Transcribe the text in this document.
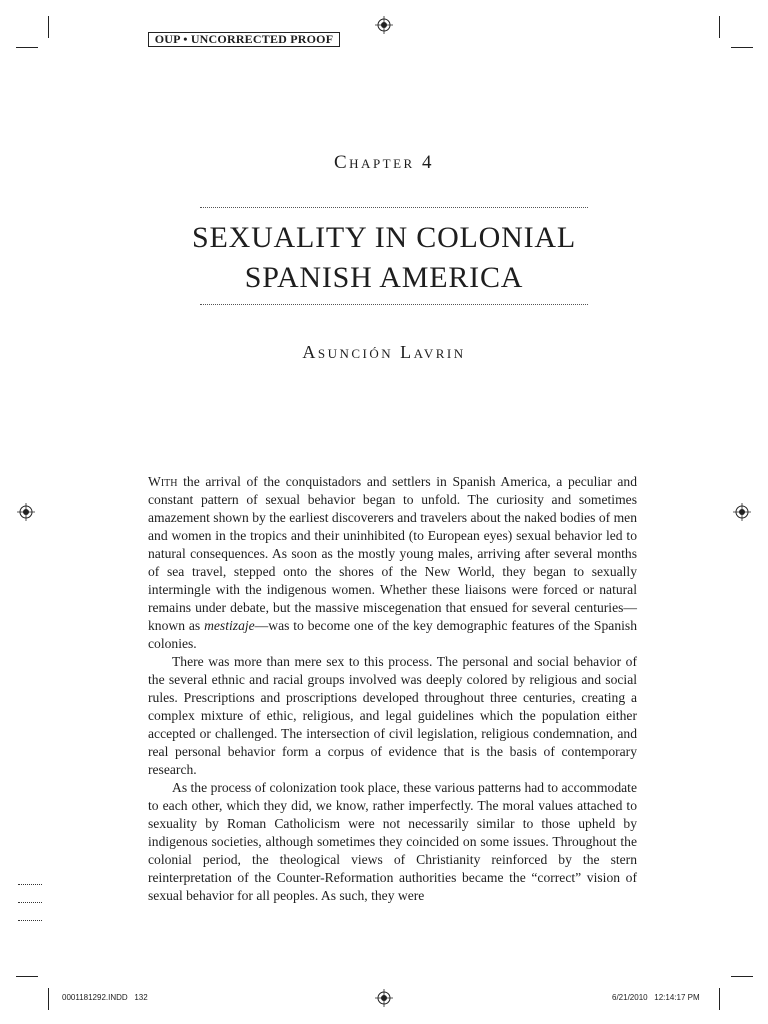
OUP • UNCORRECTED PROOF
Chapter 4
SEXUALITY IN COLONIAL
SPANISH AMERICA
Asunción Lavrin

With the arrival of the conquistadors and settlers in Spanish America, a peculiar and constant pattern of sexual behavior began to unfold. The curiosity and sometimes amazement shown by the earliest discoverers and travelers about the naked bodies of men and women in the tropics and their uninhibited (to European eyes) sexual behavior led to natural consequences. As soon as the mostly young males, arriving after several months of sea travel, stepped onto the shores of the New World, they began to sexually intermingle with the indigenous women. Whether these liaisons were forced or natural remains under debate, but the massive miscegenation that ensued for several centuries—known as mestizaje—was to become one of the key demographic features of the Spanish colonies.

There was more than mere sex to this process. The personal and social behavior of the several ethnic and racial groups involved was deeply colored by religious and social rules. Prescriptions and proscriptions developed throughout three centuries, creating a complex mixture of ethic, religious, and legal guidelines which the population either accepted or challenged. The intersection of civil legislation, religious condemnation, and real personal behavior form a corpus of evidence that is the basis of contemporary research.

As the process of colonization took place, these various patterns had to accommodate to each other, which they did, we know, rather imperfectly. The moral values attached to sexuality by Roman Catholicism were not necessarily similar to those upheld by indigenous societies, although sometimes they coincided on some issues. Throughout the colonial period, the theological views of Christianity reinforced by the stern reinterpretation of the Counter-Reformation authorities became the “correct” vision of sexual behavior for all peoples. As such, they were

0001181292.INDD   132	6/21/2010   12:14:17 PM
